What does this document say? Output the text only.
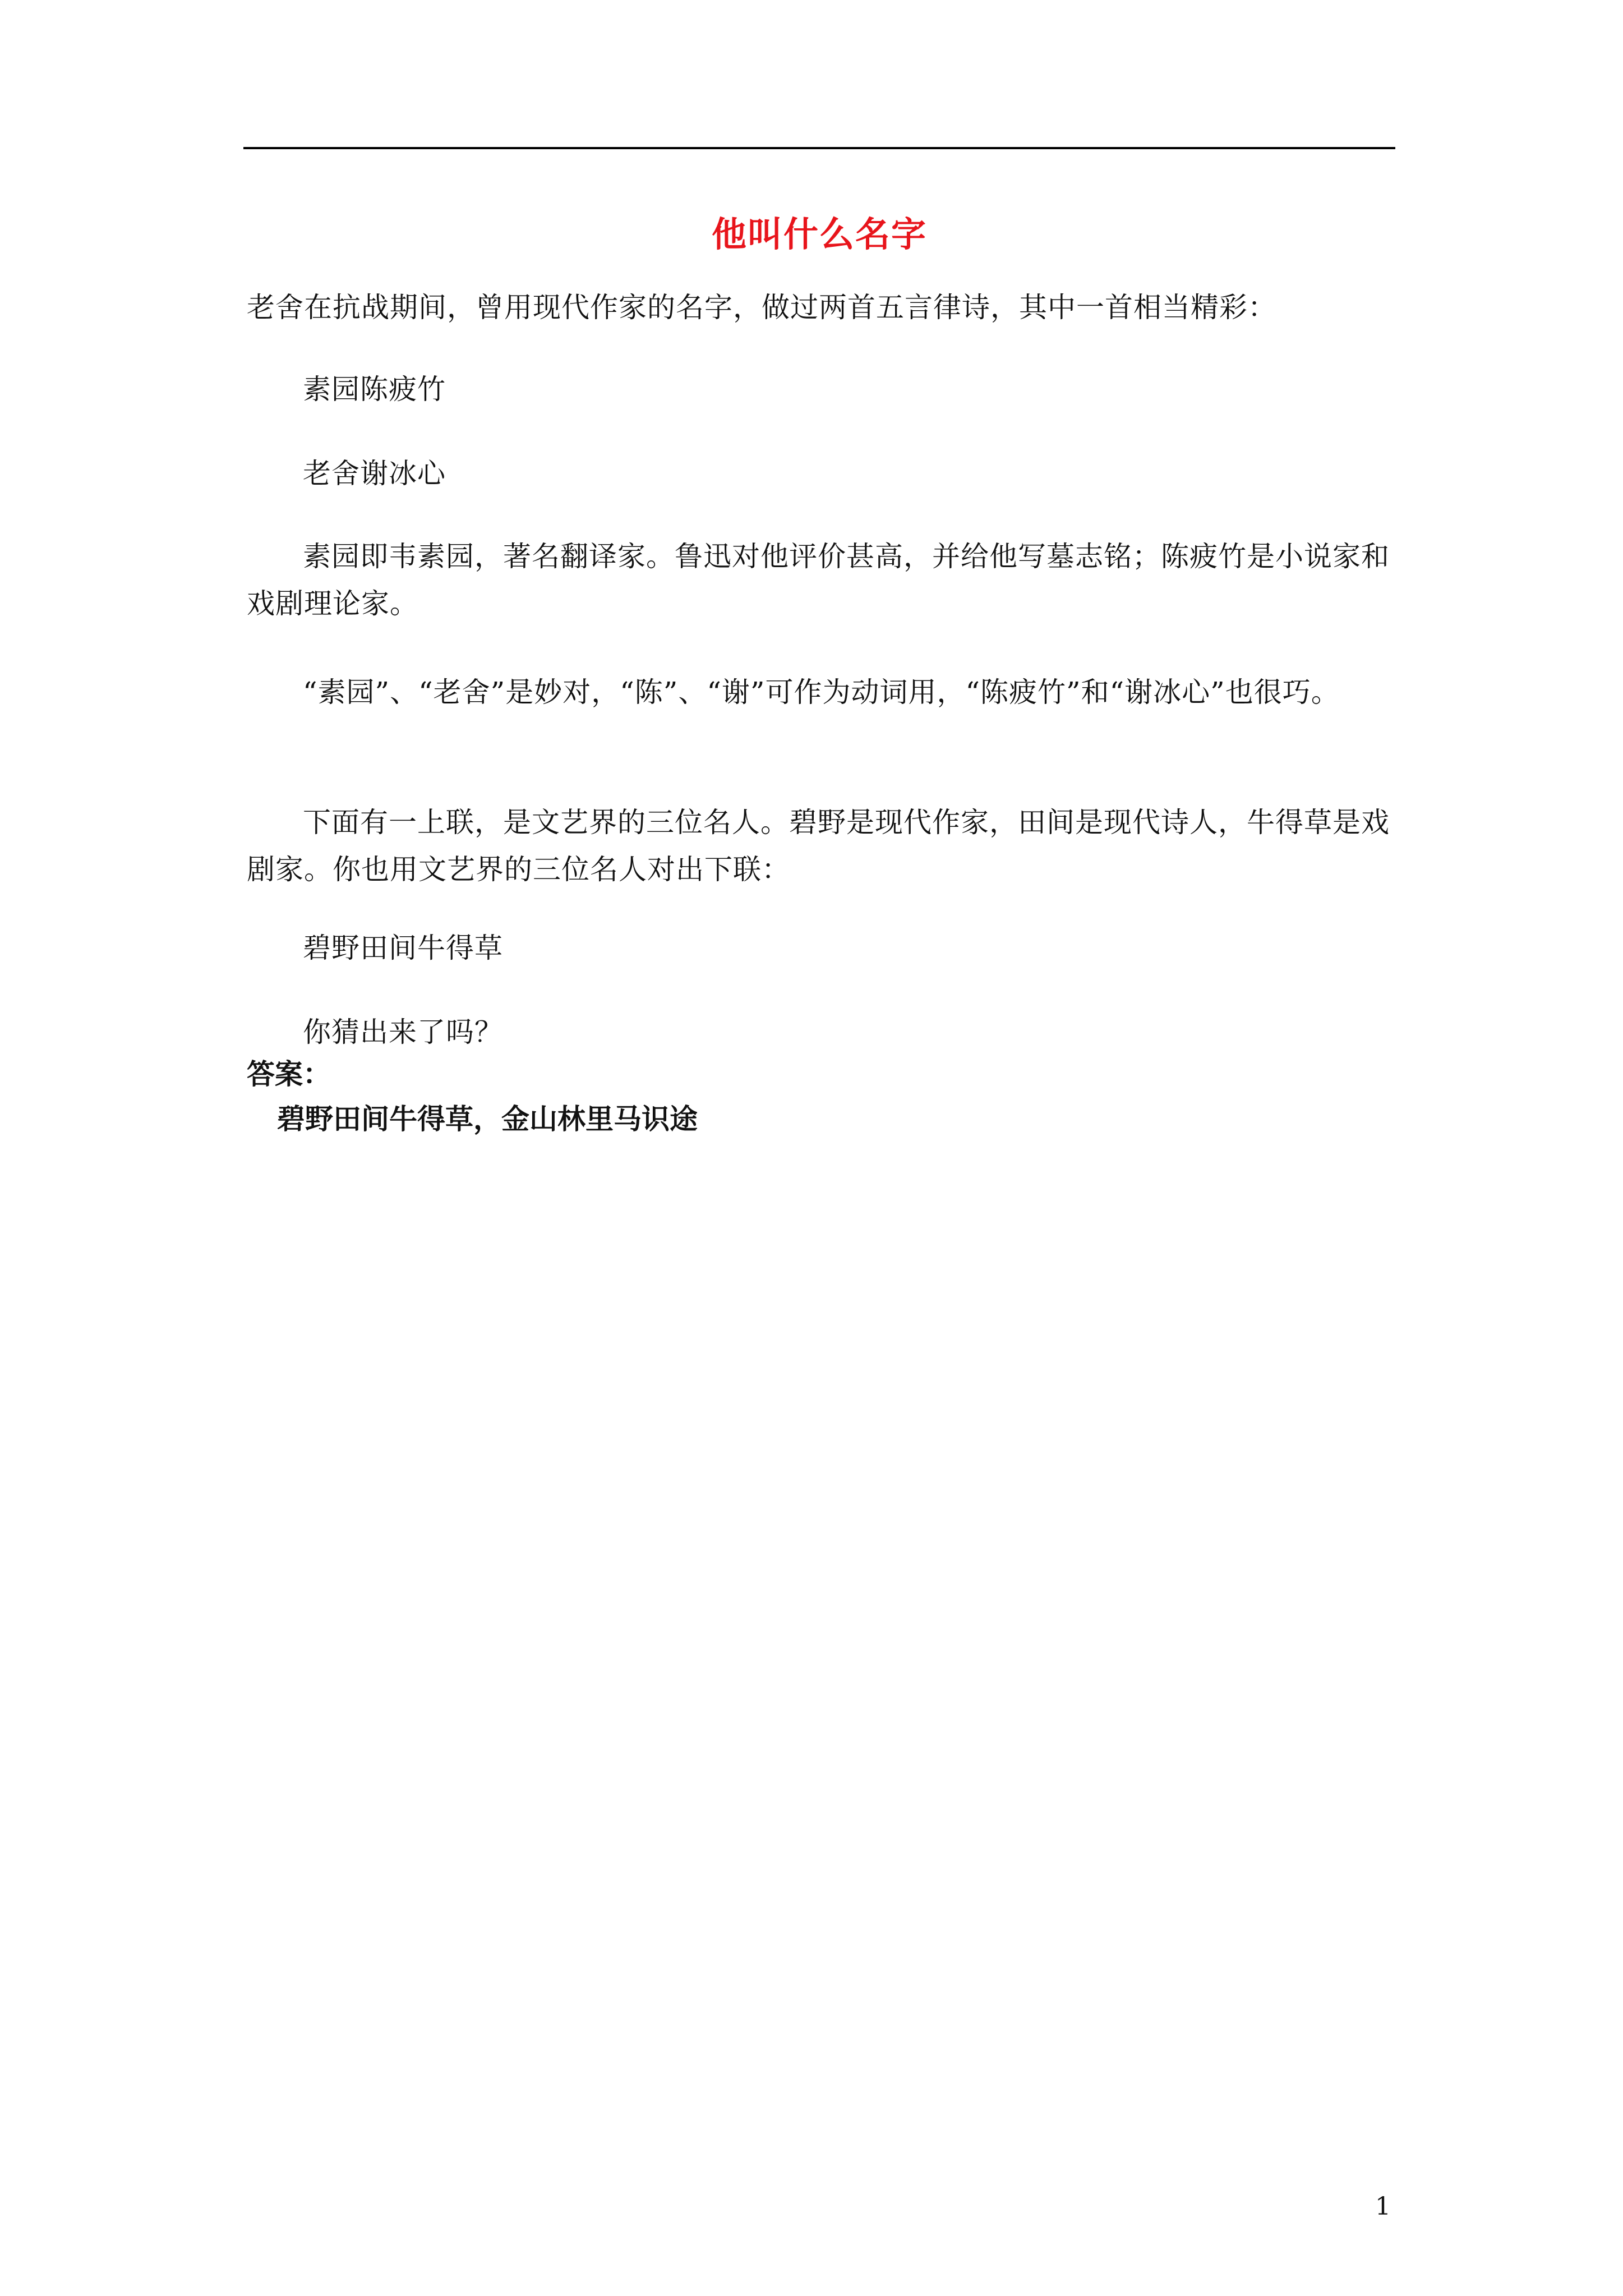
他叫什么名字

老舍在抗战期间，曾用现代作家的名字，做过两首五言律诗，其中一首相当精彩：

素园陈疲竹

老舍谢冰心

素园即韦素园，著名翻译家。鲁迅对他评价甚高，并给他写墓志铭；陈疲竹是小说家和戏剧理论家。

“素园”、“老舍”是妙对，“陈”、“谢”可作为动词用，“陈疲竹”和“谢冰心”也很巧。

下面有一上联，是文艺界的三位名人。碧野是现代作家，田间是现代诗人，牛得草是戏剧家。你也用文艺界的三位名人对出下联：

碧野田间牛得草

你猜出来了吗？

答案：
碧野田间牛得草，金山林里马识途
1
